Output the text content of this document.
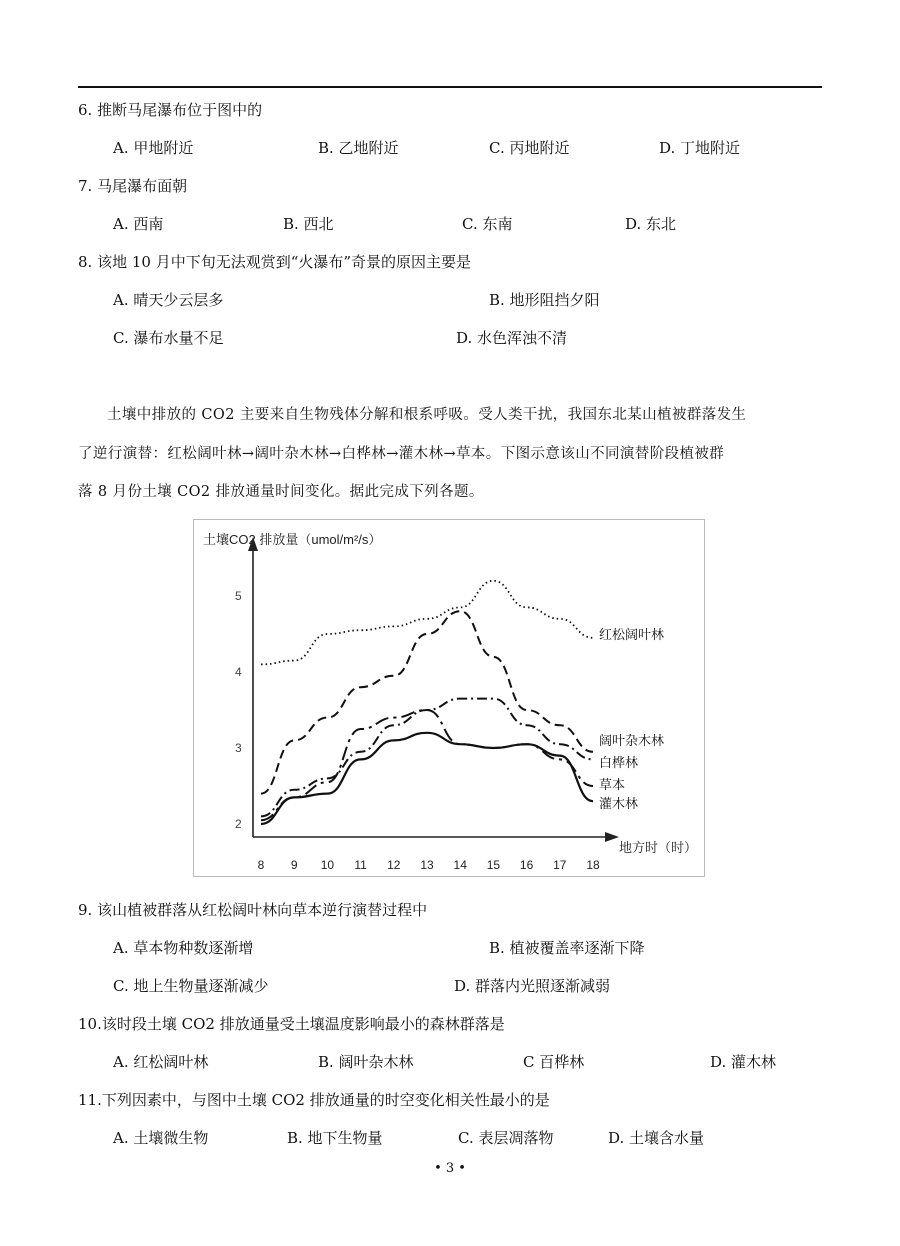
6. 推断马尾瀑布位于图中的
A. 甲地附近	B. 乙地附近	C. 丙地附近	D. 丁地附近
7. 马尾瀑布面朝
A. 西南	B. 西北	C. 东南	D. 东北
8. 该地 10 月中下旬无法观赏到“火瀑布”奇景的原因主要是
A. 晴天少云层多	B. 地形阻挡夕阳
C. 瀑布水量不足	D. 水色浑浊不清
土壤中排放的 CO2 主要来自生物残体分解和根系呼吸。受人类干扰，我国东北某山植被群落发生
了逆行演替：红松阔叶林→阔叶杂木林→白桦林→灌木林→草本。下图示意该山不同演替阶段植被群
落 8 月份土壤 CO2 排放通量时间变化。据此完成下列各题。
土壤CO2 排放量（umol/m²/s）
地方时（时）
2
3
4
5
8 9 10 11 12 13 14 15 16 17 18
红松阔叶林
阔叶杂木林
白桦林
草本
灌木林
9. 该山植被群落从红松阔叶林向草本逆行演替过程中
A. 草本物种数逐渐增	B. 植被覆盖率逐渐下降
C. 地上生物量逐渐减少	D. 群落内光照逐渐减弱
10.该时段土壤 CO2 排放通量受土壤温度影响最小的森林群落是
A. 红松阔叶林	B. 阔叶杂木林	C 百桦林	D. 灌木林
11.下列因素中，与图中土壤 CO2 排放通量的时空变化相关性最小的是
A. 土壤微生物	B. 地下生物量	C. 表层凋落物	D. 土壤含水量
• 3 •
